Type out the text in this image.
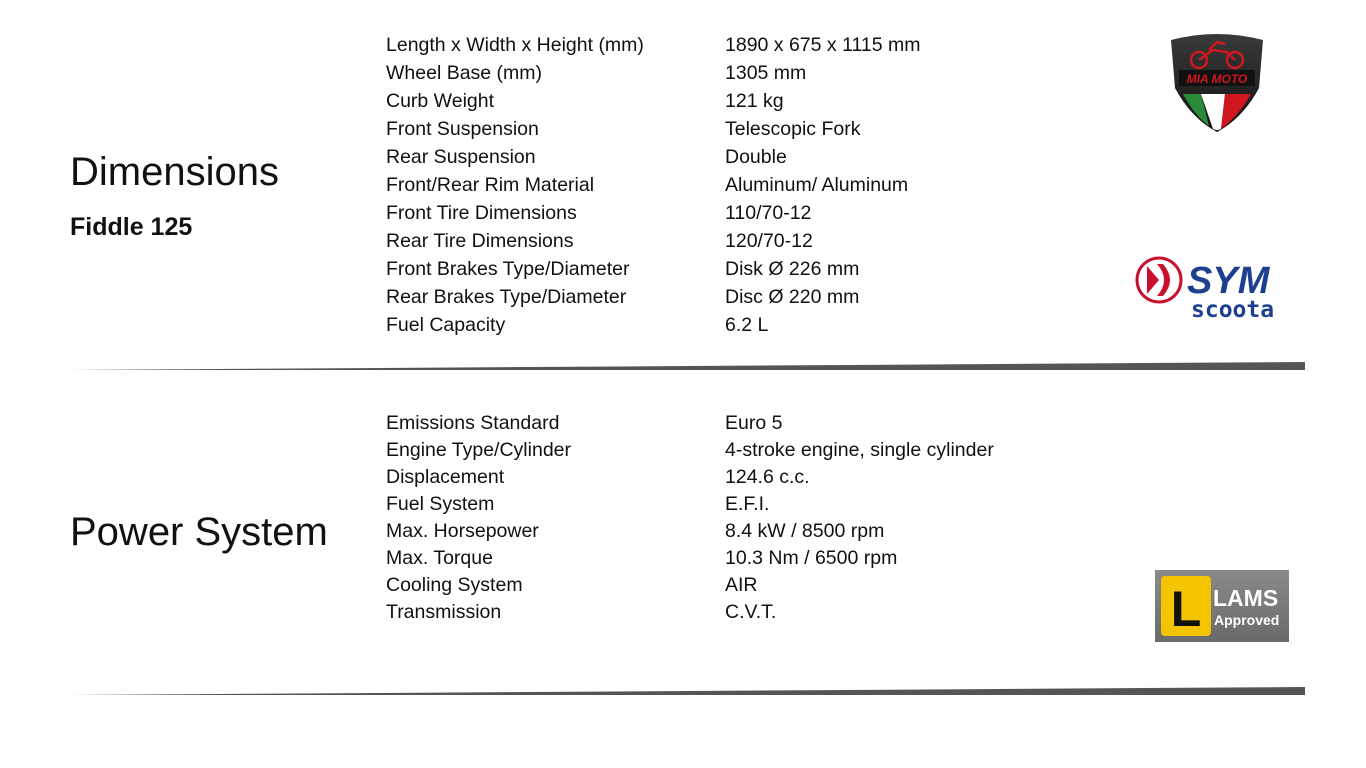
Dimensions
Fiddle 125
Length x Width x Height (mm)	1890 x 675 x 1115 mm
Wheel Base (mm)	1305 mm
Curb Weight	121 kg
Front Suspension	Telescopic Fork
Rear Suspension	Double
Front/Rear Rim Material	Aluminum/ Aluminum
Front Tire Dimensions	110/70-12
Rear Tire Dimensions	120/70-12
Front Brakes Type/Diameter	Disk Ø 226 mm
Rear Brakes Type/Diameter	Disc Ø 220 mm
Fuel Capacity	6.2 L
Power System
Emissions Standard	Euro 5
Engine Type/Cylinder	4-stroke engine, single cylinder
Displacement	124.6 c.c.
Fuel System	E.F.I.
Max. Horsepower	8.4 kW / 8500 rpm
Max. Torque	10.3 Nm / 6500 rpm
Cooling System	AIR
Transmission	C.V.T.
MIA MOTO
SYM
scoota
L LAMS
Approved
